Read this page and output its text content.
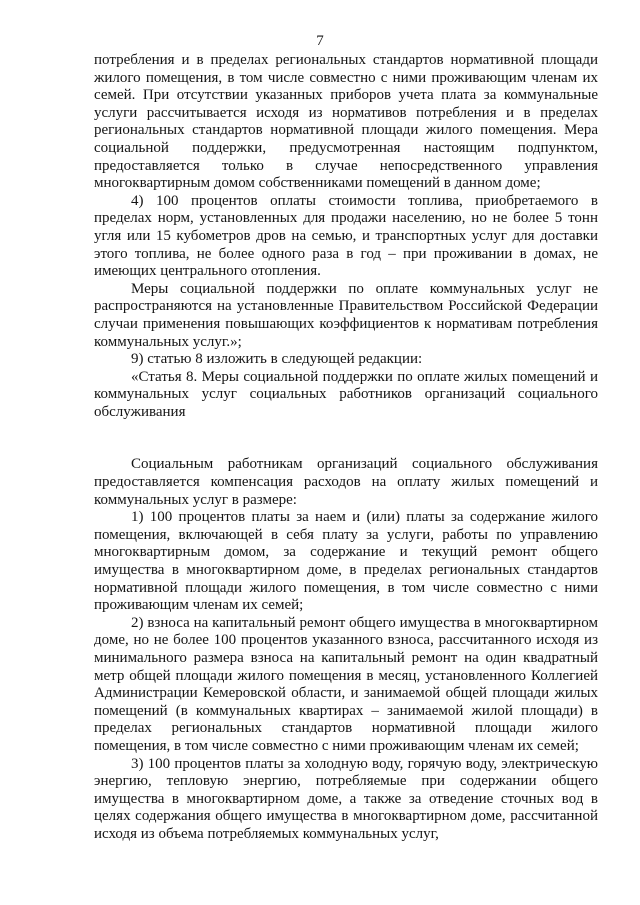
7

потребления и в пределах региональных стандартов нормативной площади жилого помещения, в том числе совместно с ними проживающим членам их семей. При отсутствии указанных приборов учета плата за коммунальные услуги рассчитывается исходя из нормативов потребления и в пределах региональных стандартов нормативной площади жилого помещения. Мера социальной поддержки, предусмотренная настоящим подпунктом, предоставляется только в случае непосредственного управления многоквартирным домом собственниками помещений в данном доме;

4) 100 процентов оплаты стоимости топлива, приобретаемого в пределах норм, установленных для продажи населению, но не более 5 тонн угля или 15 кубометров дров на семью, и транспортных услуг для доставки этого топлива, не более одного раза в год – при проживании в домах, не имеющих центрального отопления.

Меры социальной поддержки по оплате коммунальных услуг не распространяются на установленные Правительством Российской Федерации случаи применения повышающих коэффициентов к нормативам потребления коммунальных услуг.»;

9) статью 8 изложить в следующей редакции:

«Статья 8. Меры социальной поддержки по оплате жилых помещений и коммунальных услуг социальных работников организаций социального обслуживания

Социальным работникам организаций социального обслуживания предоставляется компенсация расходов на оплату жилых помещений и коммунальных услуг в размере:

1) 100 процентов платы за наем и (или) платы за содержание жилого помещения, включающей в себя плату за услуги, работы по управлению многоквартирным домом, за содержание и текущий ремонт общего имущества в многоквартирном доме, в пределах региональных стандартов нормативной площади жилого помещения, в том числе совместно с ними проживающим членам их семей;

2) взноса на капитальный ремонт общего имущества в многоквартирном доме, но не более 100 процентов указанного взноса, рассчитанного исходя из минимального размера взноса на капитальный ремонт на один квадратный метр общей площади жилого помещения в месяц, установленного Коллегией Администрации Кемеровской области, и занимаемой общей площади жилых помещений (в коммунальных квартирах – занимаемой жилой площади) в пределах региональных стандартов нормативной площади жилого помещения, в том числе совместно с ними проживающим членам их семей;

3) 100 процентов платы за холодную воду, горячую воду, электрическую энергию, тепловую энергию, потребляемые при содержании общего имущества в многоквартирном доме, а также за отведение сточных вод в целях содержания общего имущества в многоквартирном доме, рассчитанной исходя из объема потребляемых коммунальных услуг,
